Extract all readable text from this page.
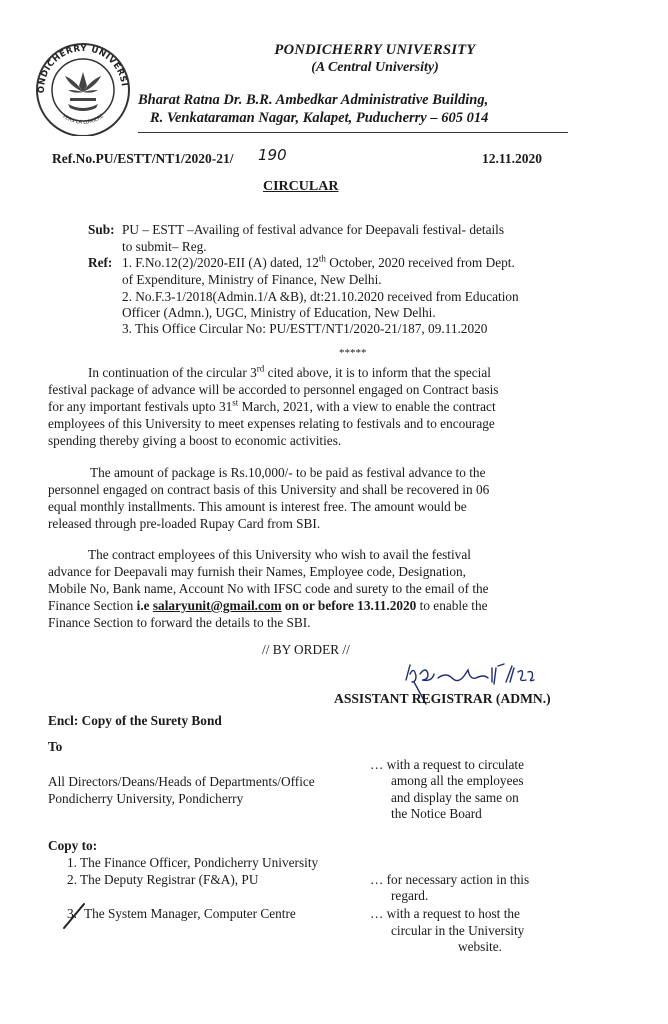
ONDICHERRY UNIVERSI
VERS LA LUMIERE
PONDICHERRY UNIVERSITY
(A Central University)
Bharat Ratna Dr. B.R. Ambedkar Administrative Building,
R. Venkataraman Nagar, Kalapet, Puducherry – 605 014
Ref.No.PU/ESTT/NT1/2020-21/ 190	12.11.2020
CIRCULAR
Sub: PU – ESTT –Availing of festival advance for Deepavali festival- details
to submit– Reg.
Ref: 1. F.No.12(2)/2020-EII (A) dated, 12th October, 2020 received from Dept.
of Expenditure, Ministry of Finance, New Delhi.
2. No.F.3-1/2018(Admin.1/A &B), dt:21.10.2020 received from Education
Officer (Admn.), UGC, Ministry of Education, New Delhi.
3. This Office Circular No: PU/ESTT/NT1/2020-21/187, 09.11.2020
*****
In continuation of the circular 3rd cited above, it is to inform that the special
festival package of advance will be accorded to personnel engaged on Contract basis
for any important festivals upto 31st March, 2021, with a view to enable the contract
employees of this University to meet expenses relating to festivals and to encourage
spending thereby giving a boost to economic activities.
The amount of package is Rs.10,000/- to be paid as festival advance to the
personnel engaged on contract basis of this University and shall be recovered in 06
equal monthly installments. This amount is interest free. The amount would be
released through pre-loaded Rupay Card from SBI.
The contract employees of this University who wish to avail the festival
advance for Deepavali may furnish their Names, Employee code, Designation,
Mobile No, Bank name, Account No with IFSC code and surety to the email of the
Finance Section i.e salaryunit@gmail.com on or before 13.11.2020 to enable the
Finance Section to forward the details to the SBI.
// BY ORDER //
ASSISTANT REGISTRAR (ADMN.)
Encl: Copy of the Surety Bond
To
All Directors/Deans/Heads of Departments/Office
Pondicherry University, Pondicherry
… with a request to circulate
among all the employees
and display the same on
the Notice Board
Copy to:
1. The Finance Officer, Pondicherry University
2. The Deputy Registrar (F&A), PU	… for necessary action in this
regard.
3. The System Manager, Computer Centre	… with a request to host the
circular in the University
website.
